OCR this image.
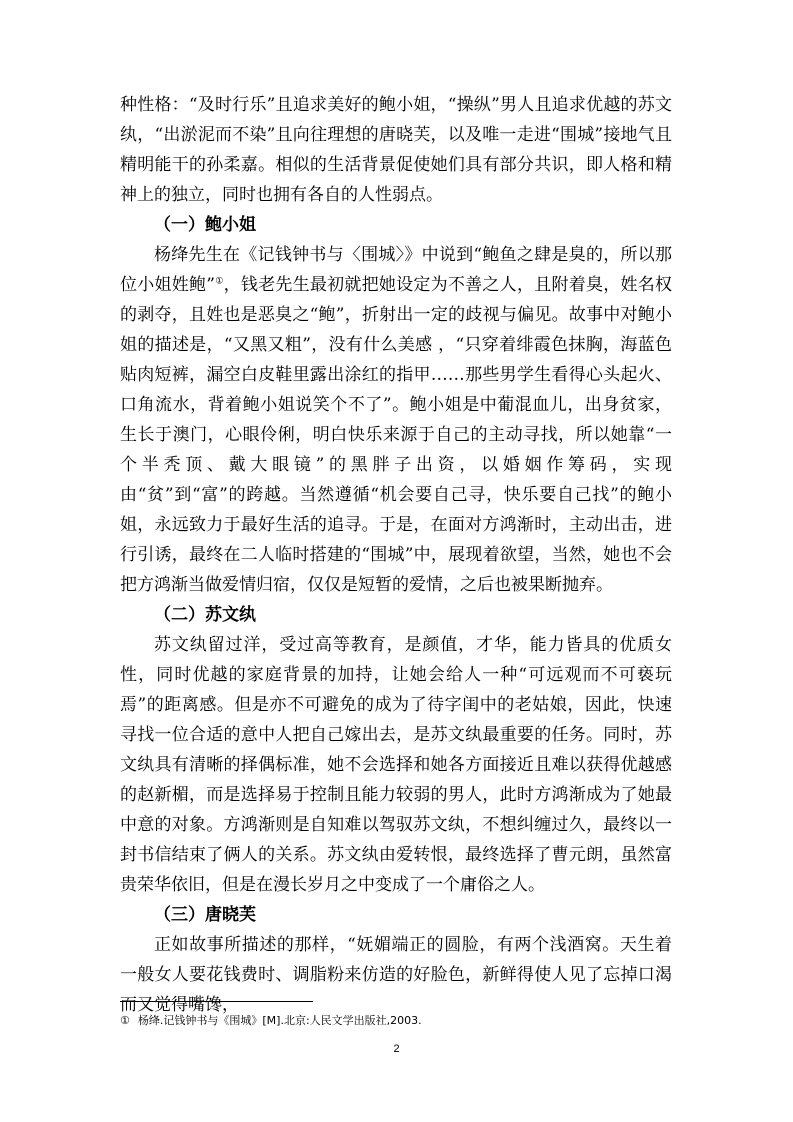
种性格：“及时行乐”且追求美好的鲍小姐，“操纵”男人且追求优越的苏文纨，“出淤泥而不染”且向往理想的唐晓芙，以及唯一走进“围城”接地气且精明能干的孙柔嘉。相似的生活背景促使她们具有部分共识，即人格和精神上的独立，同时也拥有各自的人性弱点。

（一）鲍小姐

杨绛先生在《记钱钟书与〈围城〉》中说到“鲍鱼之肆是臭的，所以那位小姐姓鲍”①，钱老先生最初就把她设定为不善之人，且附着臭，姓名权的剥夺，且姓也是恶臭之“鲍”，折射出一定的歧视与偏见。故事中对鲍小姐的描述是，“又黑又粗”，没有什么美感 ，“只穿着绯霞色抹胸，海蓝色贴肉短裤，漏空白皮鞋里露出涂红的指甲……那些男学生看得心头起火、口角流水，背着鲍小姐说笑个不了”。鲍小姐是中葡混血儿，出身贫家，生长于澳门，心眼伶俐，明白快乐来源于自己的主动寻找，所以她靠“一个半秃顶、戴大眼镜”的黑胖子出资，以婚姻作筹码，实现由“贫”到“富”的跨越。当然遵循“机会要自己寻，快乐要自己找”的鲍小姐，永远致力于最好生活的追寻。于是，在面对方鸿渐时，主动出击，进行引诱，最终在二人临时搭建的“围城”中，展现着欲望，当然，她也不会把方鸿渐当做爱情归宿，仅仅是短暂的爱情，之后也被果断抛弃。

（二）苏文纨

苏文纨留过洋，受过高等教育，是颜值，才华，能力皆具的优质女性，同时优越的家庭背景的加持，让她会给人一种“可远观而不可亵玩焉”的距离感。但是亦不可避免的成为了待字闺中的老姑娘，因此，快速寻找一位合适的意中人把自己嫁出去，是苏文纨最重要的任务。同时，苏文纨具有清晰的择偶标准，她不会选择和她各方面接近且难以获得优越感的赵新楣，而是选择易于控制且能力较弱的男人，此时方鸿渐成为了她最中意的对象。方鸿渐则是自知难以驾驭苏文纨，不想纠缠过久，最终以一封书信结束了俩人的关系。苏文纨由爱转恨，最终选择了曹元朗，虽然富贵荣华依旧，但是在漫长岁月之中变成了一个庸俗之人。

（三）唐晓芙

正如故事所描述的那样，“妩媚端正的圆脸，有两个浅酒窝。天生着一般女人要花钱费时、调脂粉来仿造的好脸色，新鲜得使人见了忘掉口渴而又觉得嘴馋，

① 杨绛.记钱钟书与《围城》[M].北京:人民文学出版社,2003.
2
